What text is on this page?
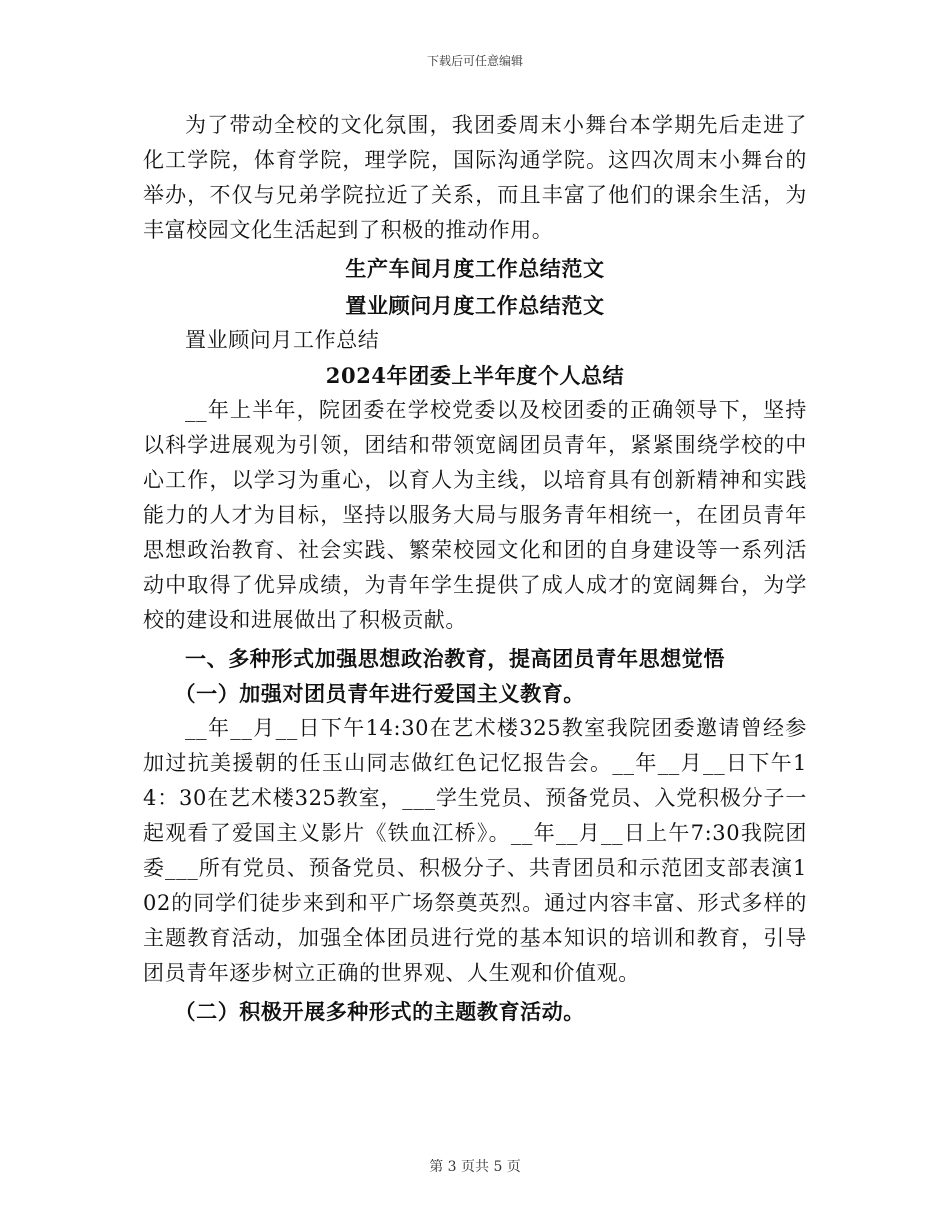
下载后可任意编辑

为了带动全校的文化氛围，我团委周末小舞台本学期先后走进了化工学院，体育学院，理学院，国际沟通学院。这四次周末小舞台的举办，不仅与兄弟学院拉近了关系，而且丰富了他们的课余生活，为丰富校园文化生活起到了积极的推动作用。

生产车间月度工作总结范文

置业顾问月度工作总结范文

置业顾问月工作总结

2024年团委上半年度个人总结

__年上半年，院团委在学校党委以及校团委的正确领导下，坚持以科学进展观为引领，团结和带领宽阔团员青年，紧紧围绕学校的中心工作，以学习为重心，以育人为主线，以培育具有创新精神和实践能力的人才为目标，坚持以服务大局与服务青年相统一，在团员青年思想政治教育、社会实践、繁荣校园文化和团的自身建设等一系列活动中取得了优异成绩，为青年学生提供了成人成才的宽阔舞台，为学校的建设和进展做出了积极贡献。

一、多种形式加强思想政治教育，提高团员青年思想觉悟

（一）加强对团员青年进行爱国主义教育。

__年__月__日下午14:30在艺术楼325教室我院团委邀请曾经参加过抗美援朝的任玉山同志做红色记忆报告会。__年__月__日下午14：30在艺术楼325教室，___学生党员、预备党员、入党积极分子一起观看了爱国主义影片《铁血江桥》。__年__月__日上午7:30我院团委___所有党员、预备党员、积极分子、共青团员和示范团支部表演102的同学们徒步来到和平广场祭奠英烈。通过内容丰富、形式多样的主题教育活动，加强全体团员进行党的基本知识的培训和教育，引导团员青年逐步树立正确的世界观、人生观和价值观。

（二）积极开展多种形式的主题教育活动。

第 3 页共 5 页
